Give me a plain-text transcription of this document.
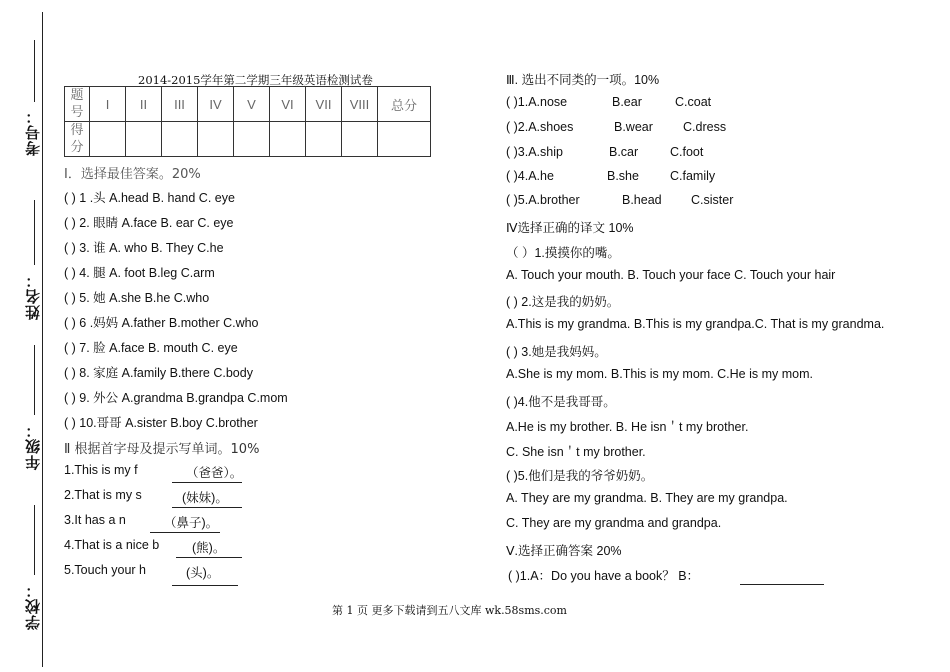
考号：
姓名：
年级：
学校：
2014-2015学年第二学期三年级英语检测试卷
题号	I	II	III	IV	V	VI	VII	VIII	总分
得分									
Ⅰ．选择最佳答案。20%
( ) 1 .头 A.head B. hand C. eye
( ) 2. 眼睛 A.face B. ear C. eye
( ) 3. 谁 A. who B. They C.he
( ) 4. 腿 A. foot B.leg C.arm
( ) 5. 她 A.she B.he C.who
( ) 6 .妈妈 A.father B.mother C.who
( ) 7. 脸 A.face B. mouth C. eye
( ) 8. 家庭 A.family B.there C.body
( ) 9. 外公 A.grandma B.grandpa C.mom
( ) 10.哥哥 A.sister B.boy C.brother
Ⅱ 根据首字母及提示写单词。10%
1.This is my f	（爸爸）。
2.That is my s	(妹妹)。
3.It has a n	（鼻子)。
4.That is a nice b	(熊)。
5.Touch your h	(头)。
Ⅲ. 选出不同类的一项。10%
( )1.A.nose	B.ear	C.coat
( )2.A.shoes	B.wear C.dress
( )3.A.ship	B.car	C.foot
( )4.A.he	B.she C.family
( )5.A.brother	B.head C.sister
Ⅳ选择正确的译文 10%
（ ）1.摸摸你的嘴。
A. Touch your mouth. B. Touch your face C. Touch your hair
( ) 2.这是我的奶奶。
A.This is my grandma. B.This is my grandpa.C. That is my grandma.
( ) 3.她是我妈妈。
A.She is my mom. B.This is my mom. C.He is my mom.
( )4.他不是我哥哥。
A.He is my brother. B. He isn＇t my brother.
C. She isn＇t my brother.
( )5.他们是我的爷爷奶奶。
A. They are my grandma. B. They are my grandpa.
C. They are my grandma and grandpa.
Ⅴ.选择正确答案 20%
( )1.A：Do you have a book？ B：
第 1 页 更多下载请到五八文库 wk.58sms.com
